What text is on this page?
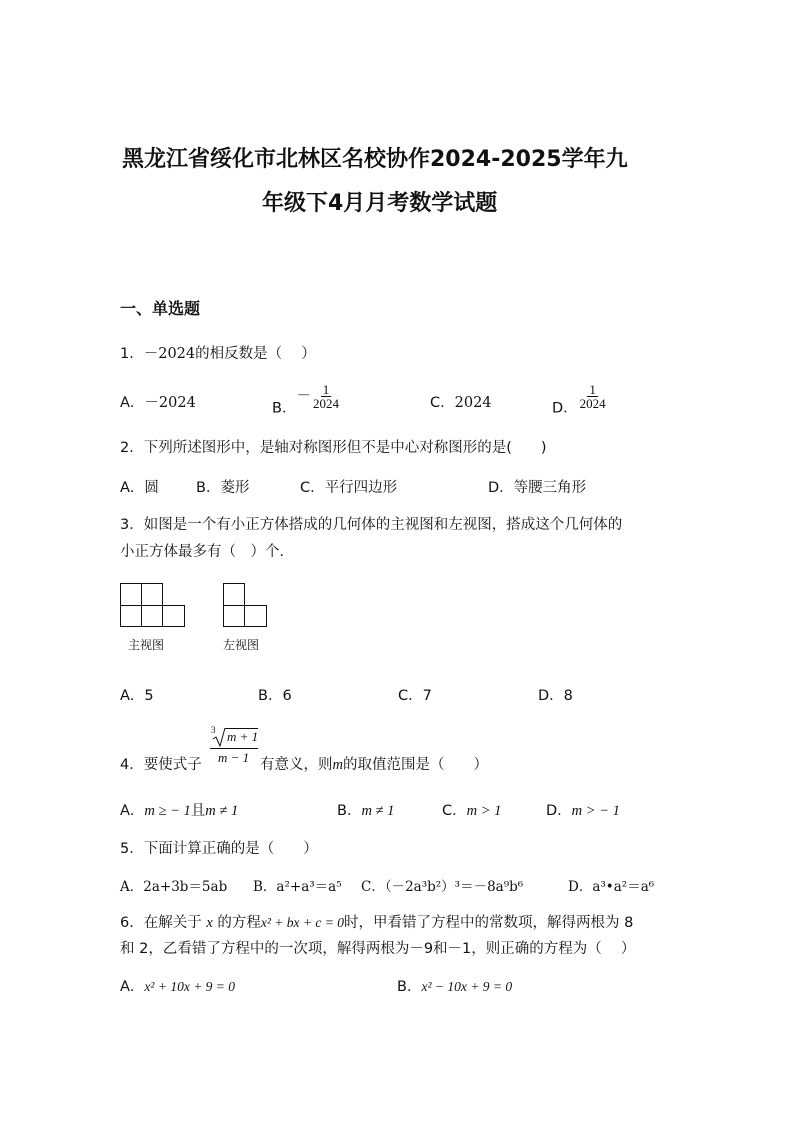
黑龙江省绥化市北林区名校协作2024-2025学年九
年级下4月月考数学试题
一、单选题
1．－2024的相反数是（　 ）
A．－2024	B．－ $\frac{1}{2024}$	C．2024	D． $\frac{1}{2024}$
2．下列所述图形中，是轴对称图形但不是中心对称图形的是(　　)
A．圆	B．菱形	C．平行四边形	D．等腰三角形
3．如图是一个有小正方体搭成的几何体的主视图和左视图，搭成这个几何体的
小正方体最多有（　）个．
主视图	左视图
A．5	B．6	C．7	D．8
4．要使式子
3 m + 1
m − 1 有意义，则m的取值范围是（　　）
A．m ≥ − 1且m ≠ 1	B．m ≠ 1	C．m > 1	D．m > − 1
5．下面计算正确的是（　　）
A．2a+3b＝5ab B．a²+a³＝a⁵ C．（－2a³b²）³＝－8a⁹b⁶	D．a³•a²＝a⁶
6．在解关于 x 的方程x² + bx + c = 0时，甲看错了方程中的常数项，解得两根为 8
和 2，乙看错了方程中的一次项，解得两根为－9和－1，则正确的方程为（　 ）
A．x² + 10x + 9 = 0	B．x² − 10x + 9 = 0
